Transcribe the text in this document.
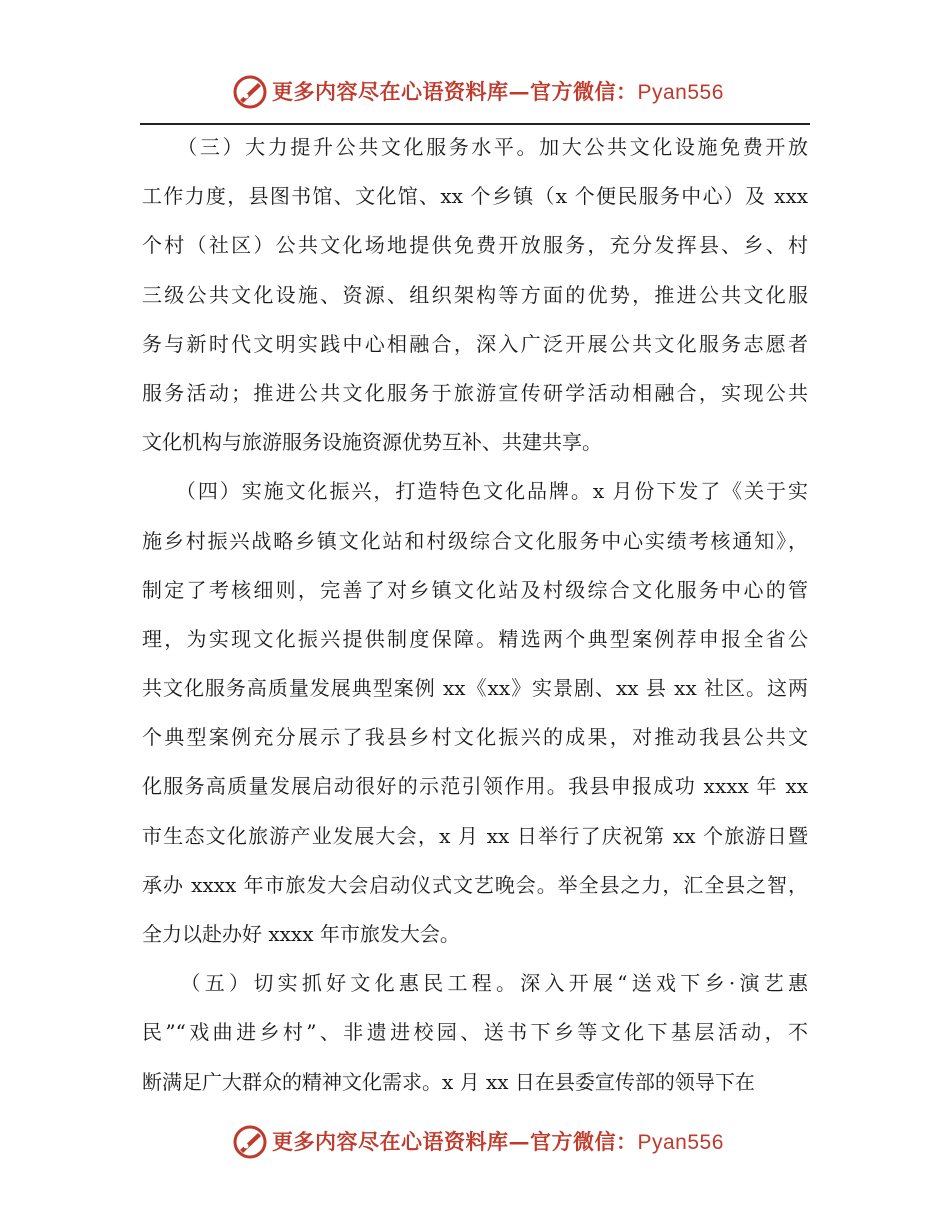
更多内容尽在心语资料库—官方微信：Pyan556
　　（三）大力提升公共文化服务水平。加大公共文化设施免费开放
工作力度，县图书馆、文化馆、xx 个乡镇（x 个便民服务中心）及 xxx
个村（社区）公共文化场地提供免费开放服务，充分发挥县、乡、村
三级公共文化设施、资源、组织架构等方面的优势，推进公共文化服
务与新时代文明实践中心相融合，深入广泛开展公共文化服务志愿者
服务活动；推进公共文化服务于旅游宣传研学活动相融合，实现公共
文化机构与旅游服务设施资源优势互补、共建共享。
　　（四）实施文化振兴，打造特色文化品牌。x 月份下发了《关于实
施乡村振兴战略乡镇文化站和村级综合文化服务中心实绩考核通知》，
制定了考核细则，完善了对乡镇文化站及村级综合文化服务中心的管
理，为实现文化振兴提供制度保障。精选两个典型案例荐申报全省公
共文化服务高质量发展典型案例 xx《xx》实景剧、xx 县 xx 社区。这两
个典型案例充分展示了我县乡村文化振兴的成果，对推动我县公共文
化服务高质量发展启动很好的示范引领作用。我县申报成功 xxxx 年 xx
市生态文化旅游产业发展大会，x 月 xx 日举行了庆祝第 xx 个旅游日暨
承办 xxxx 年市旅发大会启动仪式文艺晚会。举全县之力，汇全县之智，
全力以赴办好 xxxx 年市旅发大会。
　　（五）切实抓好文化惠民工程。深入开展“送戏下乡·演艺惠
民”“戏曲进乡村”、非遗进校园、送书下乡等文化下基层活动，不
断满足广大群众的精神文化需求。x 月 xx 日在县委宣传部的领导下在
更多内容尽在心语资料库—官方微信：Pyan556
